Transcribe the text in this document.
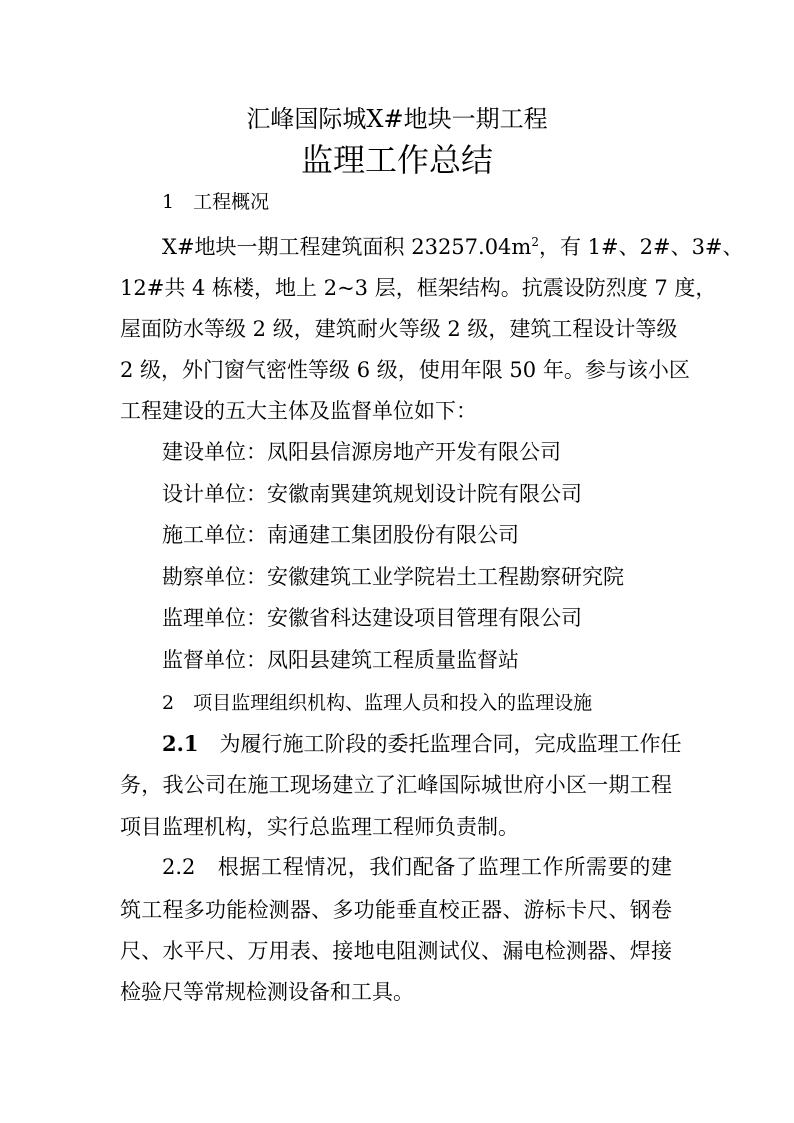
汇峰国际城X#地块一期工程
监理工作总结
1　工程概况
X#地块一期工程建筑面积 $23257.04m^2$，有 1#、2#、3#、
12#共 4 栋楼，地上 2~3 层，框架结构。抗震设防烈度 7 度，
屋面防水等级 2 级，建筑耐火等级 2 级，建筑工程设计等级
2 级，外门窗气密性等级 6 级，使用年限 50 年。参与该小区
工程建设的五大主体及监督单位如下：
建设单位：凤阳县信源房地产开发有限公司
设计单位：安徽南巽建筑规划设计院有限公司
施工单位：南通建工集团股份有限公司
勘察单位：安徽建筑工业学院岩土工程勘察研究院
监理单位：安徽省科达建设项目管理有限公司
监督单位：凤阳县建筑工程质量监督站
2　项目监理组织机构、监理人员和投入的监理设施
2.1　 为履行施工阶段的委托监理合同，完成监理工作任
务，我公司在施工现场建立了汇峰国际城世府小区一期工程
项目监理机构，实行总监理工程师负责制。
2.2　 根据工程情况，我们配备了监理工作所需要的建
筑工程多功能检测器、多功能垂直校正器、游标卡尺、钢卷
尺、水平尺、万用表、接地电阻测试仪、漏电检测器、焊接
检验尺等常规检测设备和工具。
